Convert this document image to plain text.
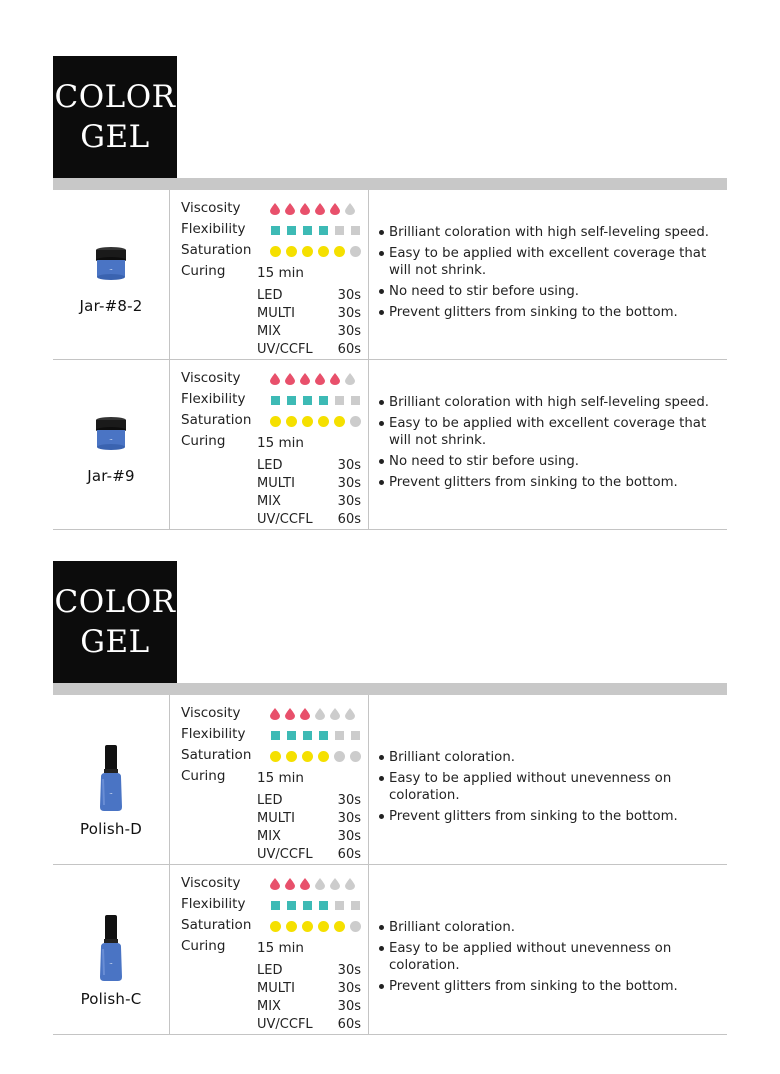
COLOR
GEL
~
Jar-#8-2
Viscosity
Flexibility
Saturation
Curing 15 min
LED	30s
MULTI	30s
MIX	30s
UV/CCFL 60s
Brilliant coloration with high self-leveling speed.
Easy to be applied with excellent coverage that will not shrink.
No need to stir before using.
Prevent glitters from sinking to the bottom.
~
Jar-#9
Viscosity
Flexibility
Saturation
Curing 15 min
LED	30s
MULTI	30s
MIX	30s
UV/CCFL 60s
Brilliant coloration with high self-leveling speed.
Easy to be applied with excellent coverage that will not shrink.
No need to stir before using.
Prevent glitters from sinking to the bottom.
COLOR
GEL
~
Polish-D
Viscosity
Flexibility
Saturation
Curing 15 min
LED	30s
MULTI	30s
MIX	30s
UV/CCFL 60s
Brilliant coloration.
Easy to be applied without unevenness on coloration.
Prevent glitters from sinking to the bottom.
~
Polish-C
Viscosity
Flexibility
Saturation
Curing 15 min
LED	30s
MULTI	30s
MIX	30s
UV/CCFL 60s
Brilliant coloration.
Easy to be applied without unevenness on coloration.
Prevent glitters from sinking to the bottom.
